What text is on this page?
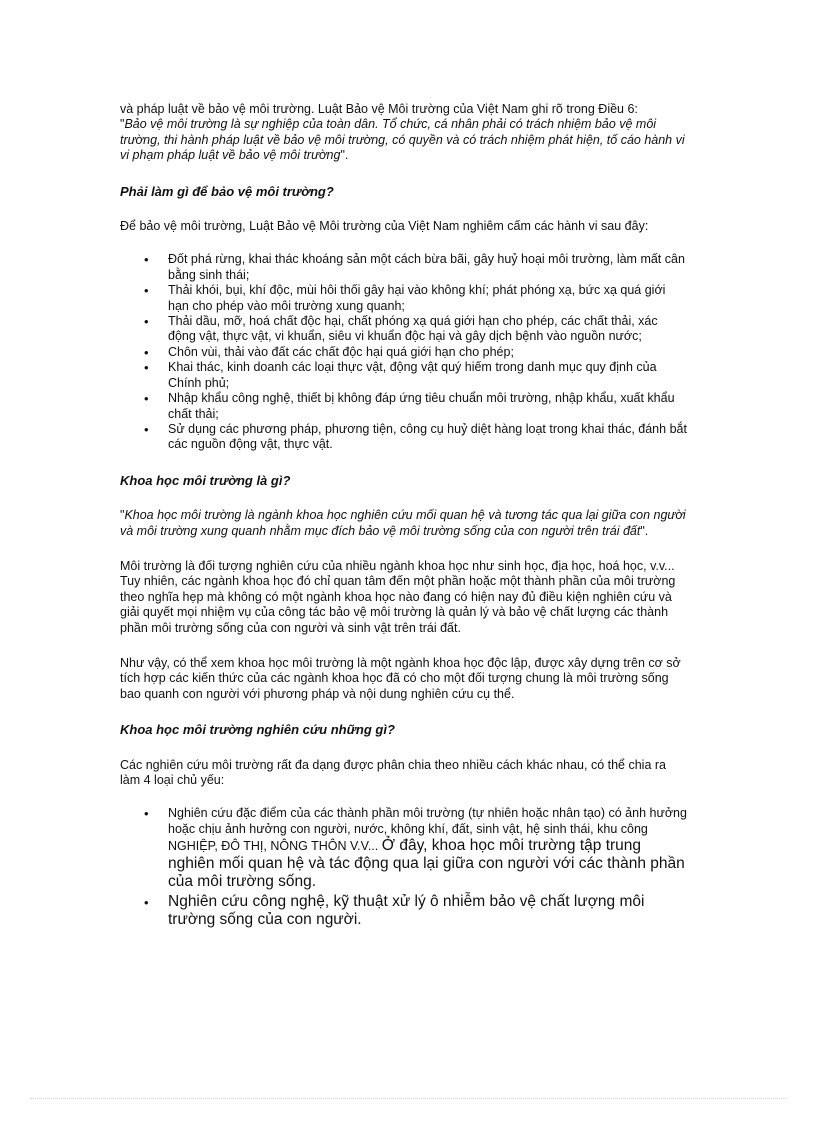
và pháp luật về bảo vệ môi trường. Luật Bảo vệ Môi trường của Việt Nam ghi rõ trong Điều 6:
"Bảo vệ môi trường là sự nghiệp của toàn dân. Tổ chức, cá nhân phải có trách nhiệm bảo vệ môi trường, thi hành pháp luật về bảo vệ môi trường, có quyền và có trách nhiệm phát hiện, tố cáo hành vi vi phạm pháp luật về bảo vệ môi trường".

Phải làm gì để bảo vệ môi trường?

Để bảo vệ môi trường, Luật Bảo vệ Môi trường của Việt Nam nghiêm cấm các hành vi sau đây:

• Đốt phá rừng, khai thác khoáng sản một cách bừa bãi, gây huỷ hoại môi trường, làm mất cân bằng sinh thái;
• Thải khói, bụi, khí độc, mùi hôi thối gây hại vào không khí; phát phóng xạ, bức xạ quá giới hạn cho phép vào môi trường xung quanh;
• Thải dầu, mỡ, hoá chất độc hại, chất phóng xạ quá giới hạn cho phép, các chất thải, xác động vật, thực vật, vi khuẩn, siêu vi khuẩn độc hại và gây dịch bệnh vào nguồn nước;
• Chôn vùi, thải vào đất các chất độc hại quá giới hạn cho phép;
• Khai thác, kinh doanh các loại thực vật, động vật quý hiếm trong danh mục quy định của Chính phủ;
• Nhập khẩu công nghệ, thiết bị không đáp ứng tiêu chuẩn môi trường, nhập khẩu, xuất khẩu chất thải;
• Sử dụng các phương pháp, phương tiện, công cụ huỷ diệt hàng loạt trong khai thác, đánh bắt các nguồn động vật, thực vật.

Khoa học môi trường là gì?

"Khoa học môi trường là ngành khoa học nghiên cứu mối quan hệ và tương tác qua lại giữa con người và môi trường xung quanh nhằm mục đích bảo vệ môi trường sống của con người trên trái đất".

Môi trường là đối tượng nghiên cứu của nhiều ngành khoa học như sinh học, địa học, hoá học, v.v... Tuy nhiên, các ngành khoa học đó chỉ quan tâm đến một phần hoặc một thành phần của môi trường theo nghĩa hẹp mà không có một ngành khoa học nào đang có hiện nay đủ điều kiện nghiên cứu và giải quyết mọi nhiệm vụ của công tác bảo vệ môi trường là quản lý và bảo vệ chất lượng các thành phần môi trường sống của con người và sinh vật trên trái đất.

Như vậy, có thể xem khoa học môi trường là một ngành khoa học độc lập, được xây dựng trên cơ sở tích hợp các kiến thức của các ngành khoa học đã có cho một đối tượng chung là môi trường sống bao quanh con người với phương pháp và nội dung nghiên cứu cụ thể.

Khoa học môi trường nghiên cứu những gì?

Các nghiên cứu môi trường rất đa dạng được phân chia theo nhiều cách khác nhau, có thể chia ra làm 4 loại chủ yếu:

• Nghiên cứu đặc điểm của các thành phần môi trường (tự nhiên hoặc nhân tạo) có ảnh hưởng hoặc chịu ảnh hưởng con người, nước, không khí, đất, sinh vật, hệ sinh thái, khu công NGHIỆP, ĐÔ THỊ, NÔNG THÔN V.V... Ở đây, khoa học môi trường tập trung nghiên mối quan hệ và tác động qua lại giữa con người với các thành phần của môi trường sống.
• Nghiên cứu công nghệ, kỹ thuật xử lý ô nhiễm bảo vệ chất lượng môi trường sống của con người.
